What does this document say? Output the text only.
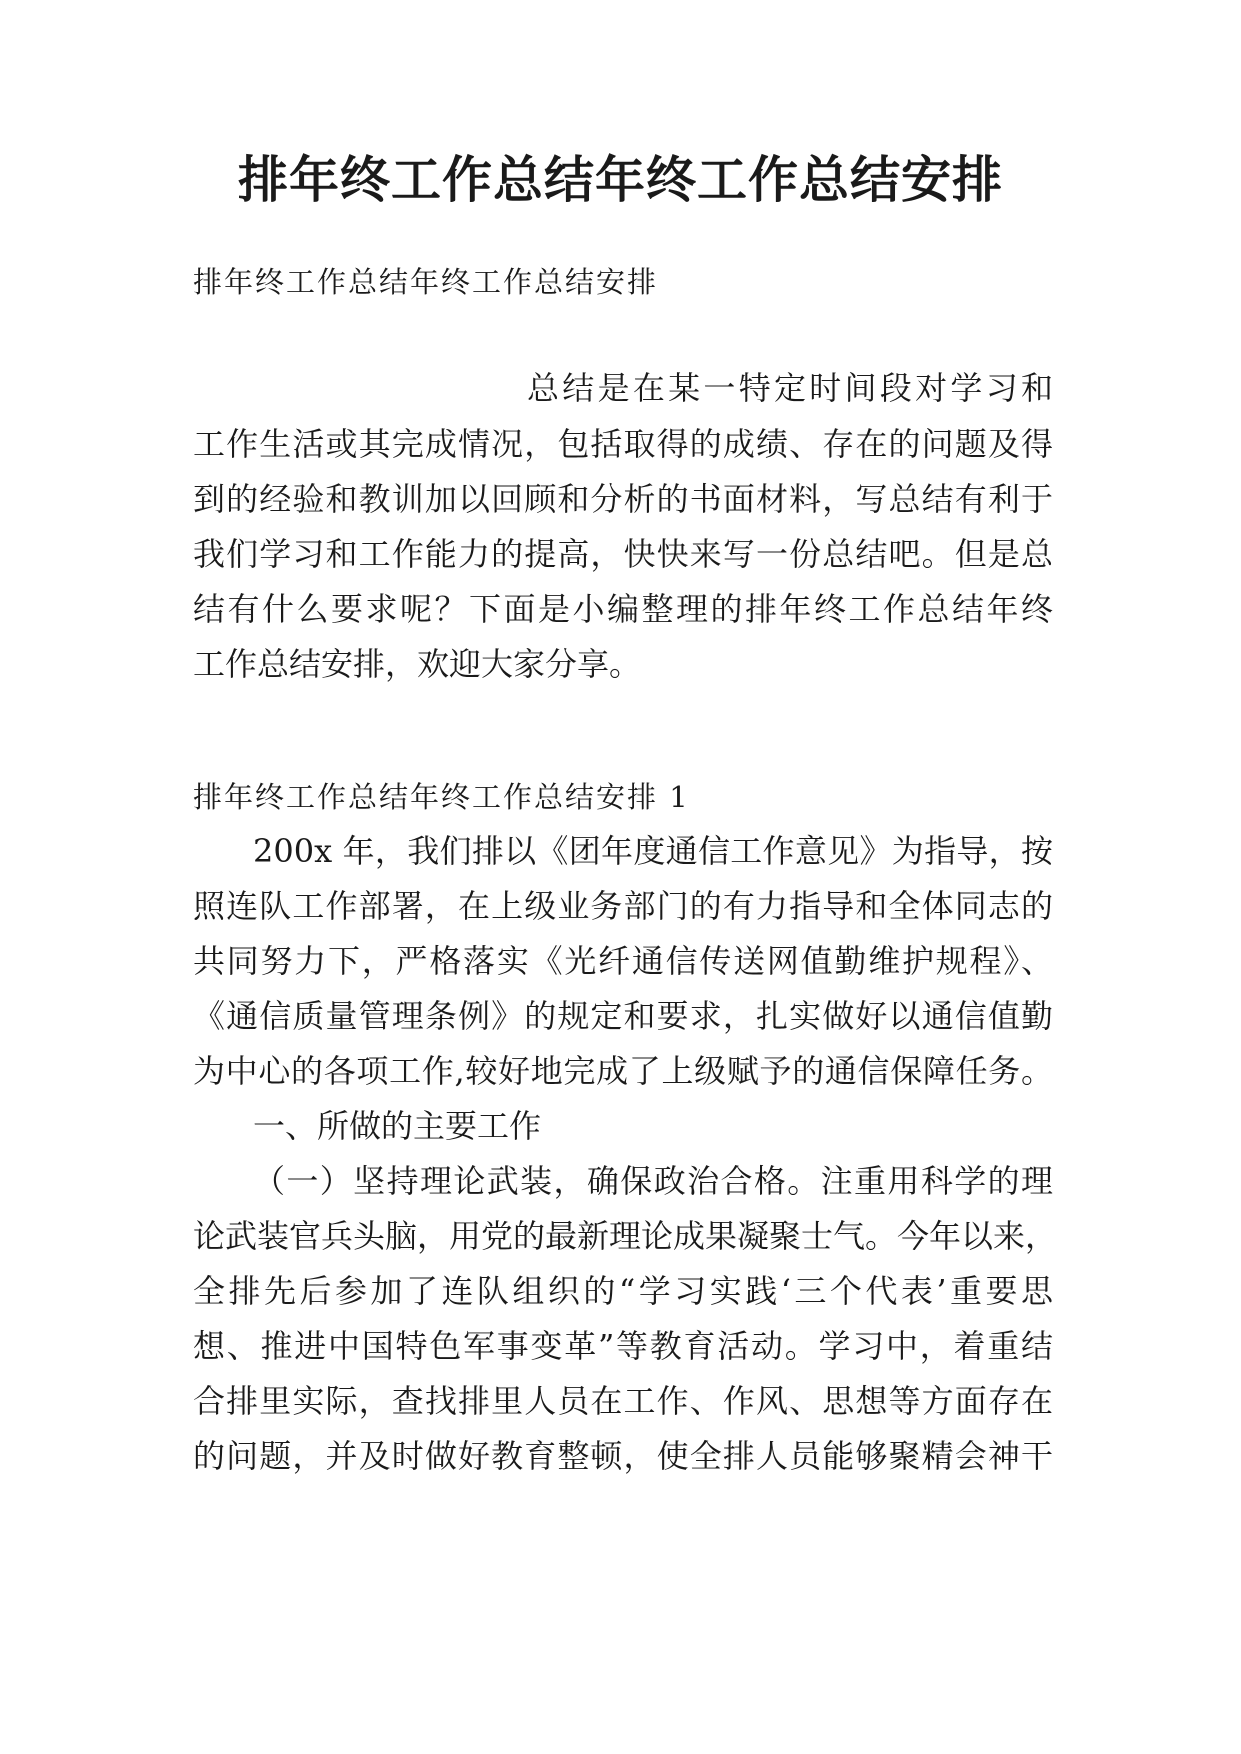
排年终工作总结年终工作总结安排
排年终工作总结年终工作总结安排
总结是在某一特定时间段对学习和
工作生活或其完成情况，包括取得的成绩、存在的问题及得
到的经验和教训加以回顾和分析的书面材料，写总结有利于
我们学习和工作能力的提高，快快来写一份总结吧。但是总
结有什么要求呢？下面是小编整理的排年终工作总结年终
工作总结安排，欢迎大家分享。
排年终工作总结年终工作总结安排 1
200x 年，我们排以《团年度通信工作意见》为指导，按
照连队工作部署，在上级业务部门的有力指导和全体同志的
共同努力下，严格落实《光纤通信传送网值勤维护规程》、
《通信质量管理条例》的规定和要求，扎实做好以通信值勤
为中心的各项工作,较好地完成了上级赋予的通信保障任务。
一、所做的主要工作
（一）坚持理论武装，确保政治合格。注重用科学的理
论武装官兵头脑，用党的最新理论成果凝聚士气。今年以来，
全排先后参加了连队组织的“学习实践‘三个代表’重要思
想、推进中国特色军事变革”等教育活动。学习中，着重结
合排里实际，查找排里人员在工作、作风、思想等方面存在
的问题，并及时做好教育整顿，使全排人员能够聚精会神干
